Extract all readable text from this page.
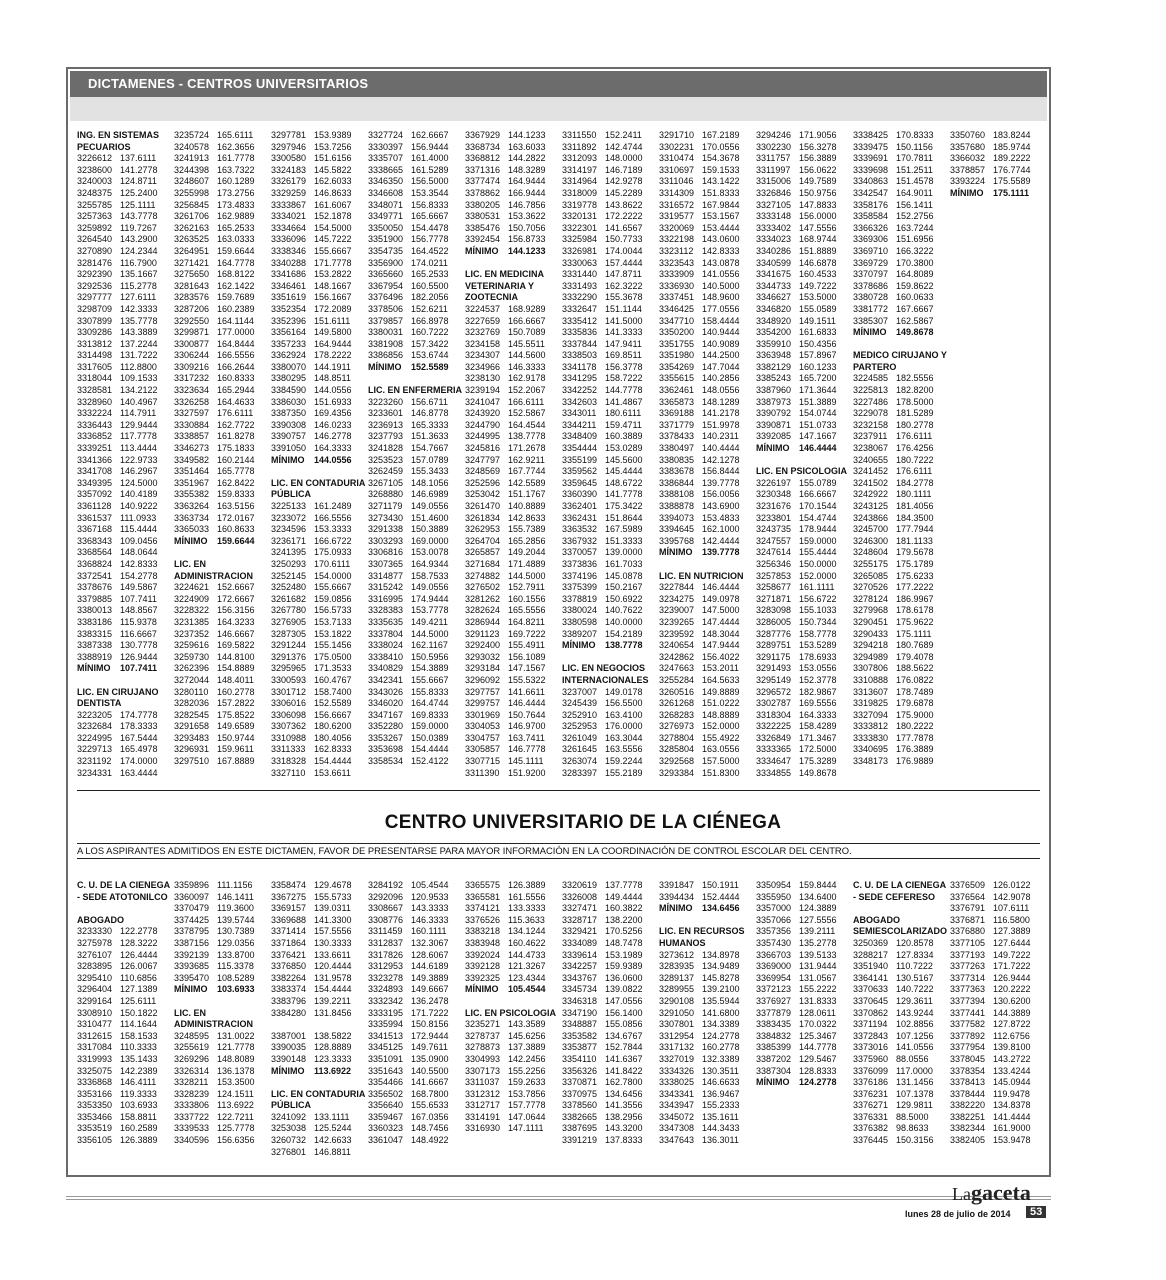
DICTAMENES - CENTROS UNIVERSITARIOS
ING. EN SISTEMAS
PECUARIOS
3226612 137.6111
3238600 141.2778
3240003 124.8711
3248375 125.2400
3255785 125.1111
3257363 143.7778
3259892 119.7267
3264540 143.2900
3270890 124.2344
3281476 116.7900
3292390 135.1667
3292536 115.2778
3297777 127.6111
3298709 142.3333
3307899 135.7778
3309286 143.3889
3313812 137.2244
3314498 131.7222
3317605 112.8800
3318044 109.1533
3328581 134.2122
3328960 140.4967
3332224 114.7911
3336443 129.9444
3336852 117.7778
3339251 113.4444
3341366 122.9733
3341708 146.2967
3349395 124.5000
3357092 140.4189
3361128 140.9222
3361537 111.0933
3367168 115.4444
3368343 109.0456
3368564 148.0644
3368824 142.8333
3372541 154.2778
3378676 149.5867
3379885 107.7411
3380013 148.8567
3383186 115.9378
3383315 116.6667
3387338 130.7778
3388919 126.9444
MÍNIMO 107.7411
LIC. EN CIRUJANO
DENTISTA
3223205 174.7778
3232684 178.3333
3224995 167.5444
3229713 165.4978
3231192 174.0000
3234331 163.4444
3235724 165.6111
3240578 162.3656
3241913 161.7778
3244398 163.7322
3248607 160.1289
3255998 173.2756
3256845 173.4833
3261706 162.9889
3262163 165.2533
3263525 163.0333
3264951 159.6644
3271421 164.7778
3275650 168.8122
3281643 162.1422
3283576 159.7689
3287206 160.2389
3292550 164.1144
3299871 177.0000
3300877 164.8444
3306244 166.5556
3309216 166.2644
3317232 160.8333
3323634 165.2944
3326258 164.4633
3327597 176.6111
3330884 162.7722
3338857 161.8278
3346273 175.1833
3349582 160.2144
3351464 165.7778
3351967 162.8422
3355382 159.8333
3363264 163.5156
3363734 172.0167
3365033 160.8633
MÍNIMO 159.6644
LIC. EN
ADMINISTRACION
3224621 152.6667
3224909 172.6667
3228322 156.3156
3231385 164.3233
3237352 146.6667
3259616 169.5822
3259730 144.8100
3262396 154.8889
3272044 148.4011
3280110 160.2778
3282036 157.2822
3282545 175.8522
3291658 149.6589
3293483 150.9744
3296931 159.9611
3297510 167.8889
3297781 153.9389
3297946 153.7256
3300580 151.6156
3324183 145.5822
3326179 162.6033
3329259 146.8633
3333867 161.6067
3334021 152.1878
3334664 154.5000
3336096 145.7222
3338346 155.6667
3340288 171.7778
3341686 153.2822
3346461 148.1667
3351619 156.1667
3352354 172.2089
3352396 151.6111
3356164 149.5800
3357233 164.9444
3362924 178.2222
3380070 144.1911
3380295 148.8511
3384590 144.0556
3386030 151.6933
3387350 169.4356
3390308 146.0233
3390757 146.2778
3391050 164.3333
MÍNIMO 144.0556
LIC. EN CONTADURIA
PÚBLICA
3225133 161.2489
3233072 166.5556
3234596 153.3333
3236171 166.6722
3241395 175.0933
3250293 170.6111
3252145 154.0000
3252480 155.6667
3261682 159.0856
3267780 156.5733
3276905 153.7133
3287305 153.1822
3291244 155.1456
3291376 175.0500
3295965 171.3533
3300593 160.4767
3301712 158.7400
3306016 152.5589
3306098 156.6667
3307362 180.6200
3310988 180.4056
3311333 162.8333
3318328 154.4444
3327110 153.6611
3327724 162.6667
3330397 156.9444
3335707 161.4000
3338665 161.5289
3346350 156.5000
3346608 153.3544
3348071 156.8333
3349771 165.6667
3350050 154.4478
3351900 156.7778
3354735 164.4522
3356900 174.0211
3365660 165.2533
3367954 160.5500
3376496 182.2056
3378506 152.6211
3379857 166.8978
3380031 160.7222
3381908 157.3422
3386856 153.6744
MÍNIMO 152.5589
LIC. EN ENFERMERIA
3223260 156.6711
3233601 146.8778
3236913 165.3333
3237793 151.3633
3241828 154.7667
3253523 157.0789
3262459 155.3433
3267105 148.1056
3268880 146.6989
3271179 149.0556
3273430 151.4600
3291338 150.3889
3303293 169.0000
3306816 153.0078
3307365 164.9344
3314877 158.7533
3315242 149.0556
3316995 174.9444
3328383 153.7778
3335635 149.4211
3337804 144.5000
3338024 162.1167
3338410 150.5956
3340829 154.3889
3342341 155.6667
3343026 155.8333
3346020 164.4744
3347167 169.8333
3352280 159.0000
3353267 150.0389
3353698 154.4444
3358534 152.4122
3367929 144.1233
3368734 163.6033
3368812 144.2822
3371316 148.3289
3377474 164.9444
3378862 166.9444
3380205 146.7856
3380531 153.3622
3385476 150.7056
3392454 156.8733
MÍNIMO 144.1233
LIC. EN MEDICINA
VETERINARIA Y
ZOOTECNIA
3224537 168.9289
3227659 166.6667
3232769 150.7089
3234158 145.5511
3234307 144.5600
3234966 146.3333
3238130 162.9178
3239194 152.2067
3241047 166.6111
3243920 152.5867
3244790 164.4544
3244995 138.7778
3245816 171.2678
3247797 162.9211
3248569 167.7744
3252596 142.5589
3253042 151.1767
3261470 140.8889
3261834 142.8633
3262953 155.7389
3264704 165.2856
3265857 149.2044
3271684 171.4889
3274882 144.5000
3276502 152.7911
3281262 160.1556
3282624 165.5556
3286944 164.8211
3291123 169.7222
3292400 155.4911
3293032 156.1089
3293184 147.1567
3296092 155.5322
3297757 141.6611
3299757 146.4444
3301969 150.7644
3304053 146.9700
3304757 163.7411
3305857 146.7778
3307715 145.1111
3311390 151.9200
3311550 152.2411
3311892 142.4744
3312093 148.0000
3314197 146.7189
3314964 142.9278
3318009 145.2289
3319778 143.8622
3320131 172.2222
3322301 141.6567
3325984 150.7733
3326981 174.0044
3330063 157.4444
3331440 147.8711
3331493 162.3222
3332290 155.3678
3332647 151.1144
3335412 141.5000
3335836 141.3333
3337844 147.9411
3338503 169.8511
3341178 156.3778
3341295 158.7222
3342252 144.7778
3342603 141.4867
3343011 180.6111
3344211 159.4711
3348409 160.3889
3354444 153.0289
3355199 145.5600
3359562 145.4444
3359645 148.6722
3360390 141.7778
3362401 175.3422
3362431 151.8644
3363532 167.5989
3367932 151.3333
3370057 139.0000
3373836 161.7033
3374196 145.0878
3375399 150.2167
3378819 150.6922
3380024 140.7622
3380598 140.0000
3389207 154.2189
MÍNIMO 138.7778
LIC. EN NEGOCIOS
INTERNACIONALES
3237007 149.0178
3245439 156.5500
3252910 163.4100
3252953 176.0000
3261049 163.3044
3261645 163.5556
3263074 159.2244
3283397 155.2189
3291710 167.2189
3302231 170.0556
3310474 154.3678
3310697 159.1533
3311046 143.1422
3314309 151.8333
3316572 167.9844
3319577 153.1567
3320069 153.4444
3322198 143.0600
3323112 142.8333
3323543 143.0878
3333909 141.0556
3336930 140.5000
3337451 148.9600
3346425 177.0556
3347710 158.4444
3350200 140.9444
3351755 140.9089
3351980 144.2500
3354269 147.7044
3355615 140.2856
3362461 148.0556
3365873 148.1289
3369188 141.2178
3371779 151.9978
3378433 140.2311
3380497 140.4444
3380835 142.1278
3383678 156.8444
3386844 139.7778
3388108 156.0056
3388878 143.6900
3394073 153.4833
3394645 162.1000
3395768 142.4444
MÍNIMO 139.7778
LIC. EN NUTRICION
3227844 146.4444
3234275 149.0978
3239007 147.5000
3239265 147.4444
3239592 148.3044
3240654 147.9444
3242862 156.4022
3247663 153.2011
3255284 164.5633
3260516 149.8889
3261268 151.0222
3268283 148.8889
3276973 152.0000
3278804 155.4922
3285804 163.0556
3292568 157.5000
3293384 151.8300
3294246 171.9056
3302230 156.3278
3311757 156.3889
3311997 156.0622
3315006 149.7589
3326846 150.9756
3327105 147.8833
3333148 156.0000
3333402 147.5556
3334023 168.9744
3340286 151.8889
3340599 146.6878
3341675 160.4533
3344733 149.7222
3346627 153.5000
3346820 155.0589
3348920 149.1511
3354200 161.6833
3359910 150.4356
3363948 157.8967
3382129 160.1233
3385243 165.7200
3387960 171.3644
3387973 151.3889
3390792 154.0744
3390871 151.0733
3392085 147.1667
MÍNIMO 146.4444
LIC. EN PSICOLOGIA
3226197 155.0789
3230348 166.6667
3231676 170.1544
3233801 154.4744
3243735 178.9444
3247557 159.0000
3247614 155.4444
3256346 150.0000
3257853 152.0000
3258677 161.1111
3271871 156.6722
3283098 155.1033
3286005 150.7344
3287776 158.7778
3289751 153.5289
3291175 178.6933
3291493 153.0556
3295149 152.3778
3296572 182.9867
3302787 169.5556
3318304 164.3333
3322225 158.4289
3326849 171.3467
3333365 172.5000
3334647 175.3289
3334855 149.8678
3338425 170.8333
3339475 150.1156
3339691 170.7811
3339698 151.2511
3340863 151.4578
3342547 164.9011
3358176 156.1411
3358584 152.2756
3366326 163.7244
3369306 151.6956
3369710 166.3222
3369729 170.3800
3370797 164.8089
3378686 159.8622
3380728 160.0633
3381772 167.6667
3385307 162.5867
MÍNIMO 149.8678
MEDICO CIRUJANO Y
PARTERO
3224585 182.5556
3225813 182.8200
3227486 178.5000
3229078 181.5289
3232158 180.2778
3237911 176.6111
3238067 176.4256
3240655 180.7222
3241452 176.6111
3241502 184.2778
3242922 180.1111
3243125 181.4056
3243866 184.3500
3245700 177.7944
3246300 181.1133
3248604 179.5678
3255175 175.1789
3265085 175.6233
3270526 177.2222
3278124 186.9967
3279968 178.6178
3290451 175.9622
3290433 175.1111
3294218 180.7689
3294989 179.4078
3307806 188.5622
3310888 176.0822
3313607 178.7489
3319825 179.6878
3327094 175.9000
3333812 180.2222
3333830 177.7878
3340695 176.3889
3348173 176.9889
3350760 183.8244
3357680 185.9744
3366032 189.2222
3378857 176.7744
3393224 175.5589
MÍNIMO 175.1111
CENTRO UNIVERSITARIO DE LA CIÉNEGA
A LOS ASPIRANTES ADMITIDOS EN ESTE DICTAMEN, FAVOR DE PRESENTARSE PARA MAYOR INFORMACIÓN EN LA COORDINACIÓN DE CONTROL ESCOLAR DEL CENTRO.
C. U. DE LA CIENEGA
- SEDE ATOTONILCO
ABOGADO
3233330 122.2778
3275978 128.3222
3276107 126.4444
3283895 126.0067
3295410 110.6856
3296404 127.1389
3299164 125.6111
3308910 150.1822
3310477 114.1644
3312615 158.1533
3317084 110.3333
3319993 135.1433
3325075 142.2389
3336868 146.4111
3353166 119.3333
3353350 103.6933
3353466 158.8811
3353519 160.2589
3356105 126.3889
3359896 111.1156
3360097 146.1411
3370479 119.3600
3374425 139.5744
3378795 130.7389
3387156 129.0356
3392139 133.8700
3393685 115.3378
3395470 108.5289
MÍNIMO 103.6933
LIC. EN
ADMINISTRACION
3248595 131.0022
3255619 121.7778
3269296 148.8089
3326314 136.1378
3328211 153.3500
3328239 124.1511
3333806 113.6922
3337722 122.7211
3339533 125.7778
3340596 156.6356
3358474 129.4678
3367275 155.5733
3369157 139.0311
3369688 141.3300
3371414 157.5556
3371864 130.3333
3376421 133.6611
3376850 120.4444
3382264 131.9578
3383374 154.4444
3383796 139.2211
3384280 131.8456
3387001 138.5822
3390035 128.8889
3390148 123.3333
MÍNIMO 113.6922
LIC. EN CONTADURIA
PÚBLICA
3241092 133.1111
3253038 125.5244
3260732 142.6633
3276801 146.8811
3284192 105.4544
3292096 120.9533
3308667 143.3333
3308776 146.3333
3311459 160.1111
3312837 132.3067
3317826 128.6067
3312953 144.6189
3323278 149.3889
3324893 149.6667
3332342 136.2478
3333195 171.7222
3335994 150.8156
3341513 172.9444
3345125 149.7611
3351091 135.0900
3351643 140.5500
3354466 141.6667
3356502 168.7800
3356640 155.6533
3359467 167.0356
3360323 148.7456
3361047 148.4922
3365575 126.3889
3365581 161.5556
3374121 133.3333
3376526 115.3633
3383218 134.1244
3383948 160.4622
3392024 144.4733
3392128 121.3267
3392325 123.4344
MÍNIMO 105.4544
LIC. EN PSICOLOGIA
3235271 143.3589
3278737 145.6256
3278873 137.3889
3304993 142.2456
3307173 155.2256
3311037 159.2633
3312312 153.7856
3312717 157.7778
3314191 147.0644
3316930 147.1111
3320619 137.7778
3326008 149.4444
3327471 160.3822
3328717 138.2200
3329421 170.5256
3334089 148.7478
3339614 153.1989
3342257 159.9389
3343767 136.0600
3345734 139.0822
3346318 147.0556
3347190 156.1400
3348887 155.0856
3353582 134.6767
3353877 152.7844
3354110 141.6367
3356326 141.8422
3370871 162.7800
3370975 134.6456
3378560 141.3556
3382665 138.2956
3387695 143.3200
3391219 137.8333
3391847 150.1911
3394434 152.4444
MÍNIMO 134.6456
LIC. EN RECURSOS
HUMANOS
3273612 134.8978
3283935 134.9489
3289137 145.8278
3289955 139.2100
3290108 135.5944
3291050 141.6800
3307801 134.3389
3312954 124.2778
3317132 160.2778
3327019 132.3389
3334326 130.3511
3338025 146.6633
3343341 136.9467
3343947 155.2333
3345072 135.1611
3347308 144.3433
3347643 136.3011
3350954 159.8444
3355950 134.6400
3357000 124.3889
3357066 127.5556
3357356 139.2111
3357430 135.2778
3366703 139.5133
3369000 131.9444
3369954 131.0567
3372123 155.2222
3376927 131.8333
3377879 128.0611
3383435 170.0322
3384832 125.3467
3385399 144.7778
3387202 129.5467
3387304 128.8333
MÍNIMO 124.2778
C. U. DE LA CIENEGA
- SEDE CEFERESO
ABOGADO
SEMIESCOLARIZADO
3250369 120.8578
3288217 127.8334
3351940 110.7222
3364141 130.5167
3370633 140.7222
3370645 129.3611
3370862 143.9244
3371194 102.8856
3372843 107.1256
3373016 141.0556
3375960 88.0556
3376099 117.0000
3376186 131.1456
3376231 107.1378
3376271 129.9811
3376331 88.5000
3376382 98.8633
3376445 150.3156
3376509 126.0122
3376564 142.9078
3376791 107.6111
3376871 116.5800
3376880 127.3889
3377105 127.6444
3377193 149.7222
3377263 171.7222
3377314 126.9444
3377363 120.2222
3377394 130.6200
3377441 144.3889
3377582 127.8722
3377892 112.6756
3377954 139.8100
3378045 143.2722
3378354 133.4244
3378413 145.0944
3378444 119.9478
3382220 134.8378
3382251 141.4444
3382344 161.9000
3382405 153.9478
Lagaceta
lunes 28 de julio de 2014	53
